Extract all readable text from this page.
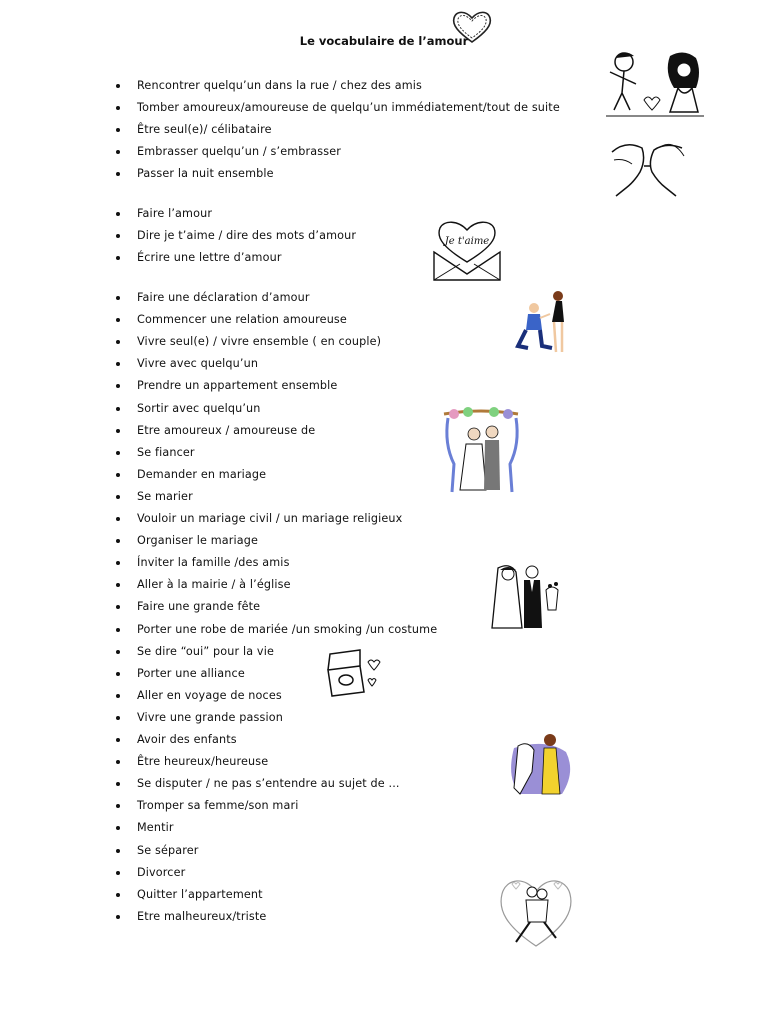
Le vocabulaire de l’amour
Rencontrer quelqu’un dans la rue / chez des amis
Tomber amoureux/amoureuse de quelqu’un immédiatement/tout de suite
Être seul(e)/ célibataire
Embrasser quelqu’un / s’embrasser
Passer la nuit ensemble
Faire l’amour
Dire je t’aime / dire des mots d’amour
Écrire une lettre d’amour
Faire une déclaration d’amour
Commencer une relation amoureuse
Vivre seul(e) / vivre ensemble ( en couple)
Vivre avec quelqu’un
Prendre un appartement ensemble
Sortir avec quelqu’un
Etre amoureux / amoureuse de
Se fiancer
Demander en mariage
Se marier
Vouloir un mariage civil / un mariage religieux
Organiser le mariage
Ínviter la famille /des amis
Aller à la mairie / à l’église
Faire une grande fête
Porter une robe de mariée /un smoking /un costume
Se dire “oui” pour la vie
Porter une alliance
Aller en voyage de noces
Vivre une grande passion
Avoir des enfants
Être heureux/heureuse
Se disputer / ne pas s’entendre au sujet de ...
Tromper sa femme/son mari
Mentir
Se séparer
Divorcer
Quitter l’appartement
Etre malheureux/triste
Je t'aime
